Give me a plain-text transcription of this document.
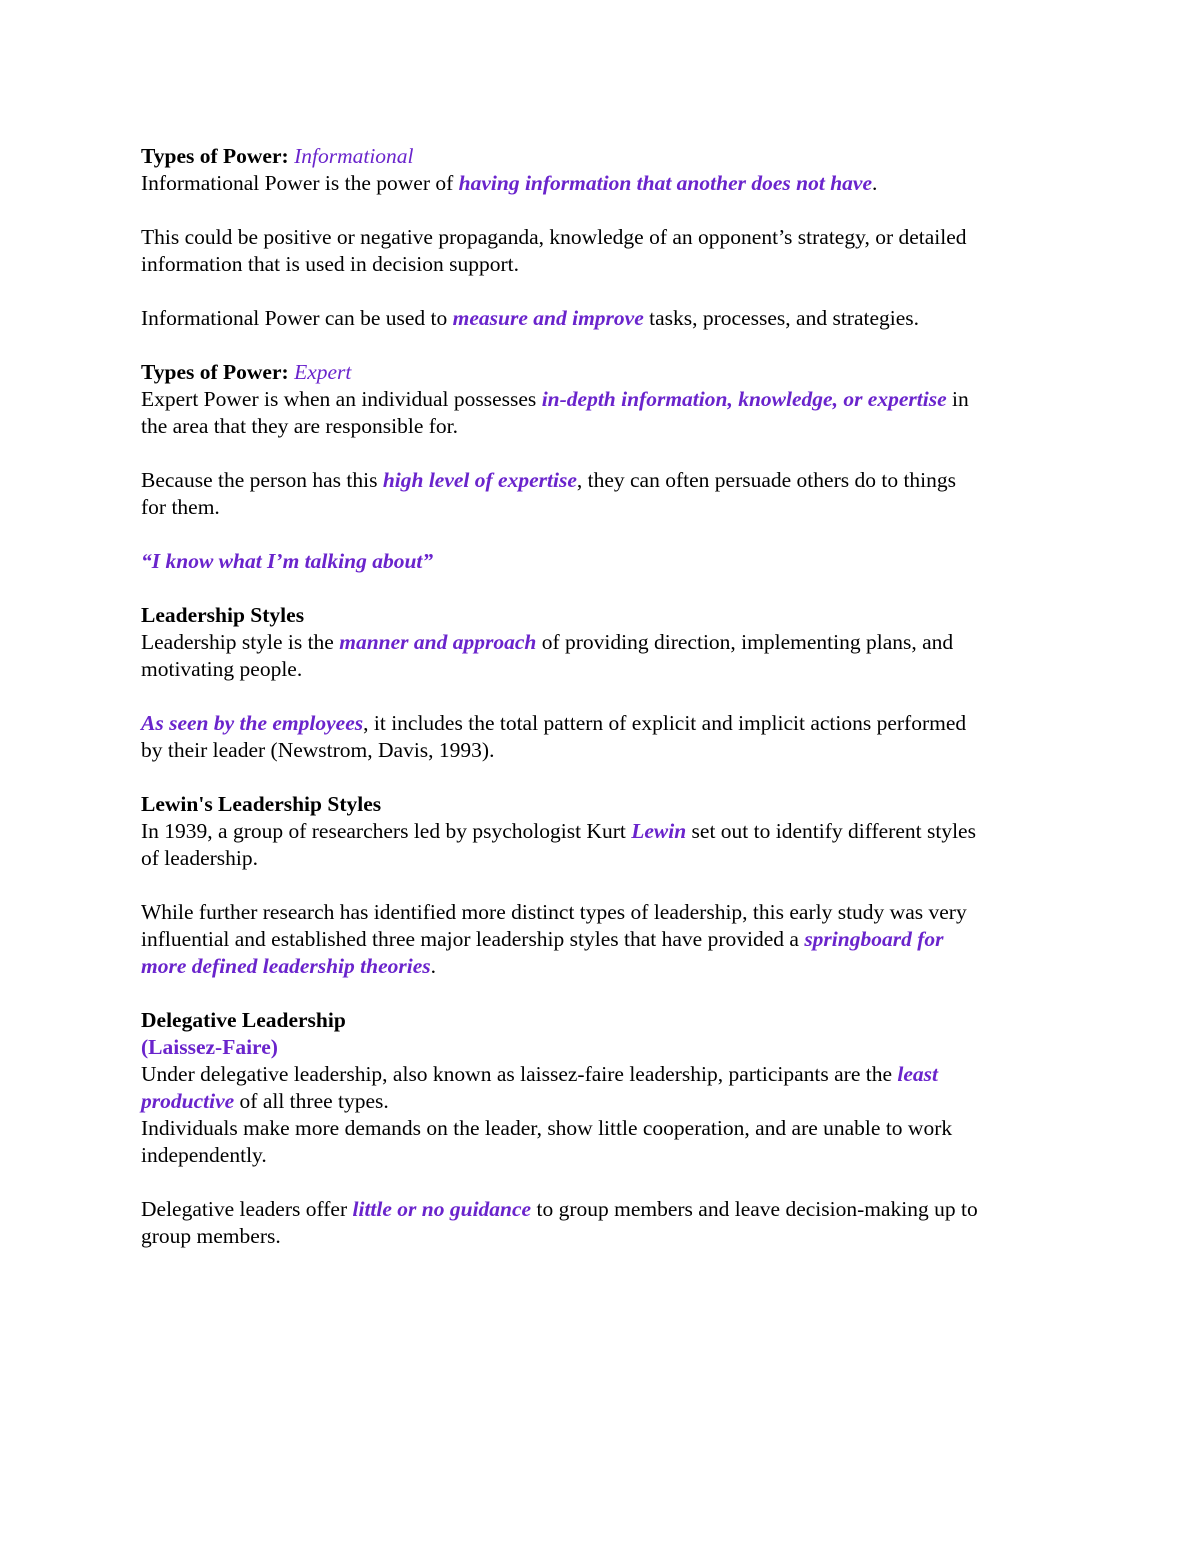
Types of Power: Informational
Informational Power is the power of having information that another does not have.
This could be positive or negative propaganda, knowledge of an opponent’s strategy, or detailed
information that is used in decision support.
Informational Power can be used to measure and improve tasks, processes, and strategies.
Types of Power: Expert
Expert Power is when an individual possesses in-depth information, knowledge, or expertise in
the area that they are responsible for.
Because the person has this high level of expertise, they can often persuade others do to things
for them.
“I know what I’m talking about”
Leadership Styles
Leadership style is the manner and approach of providing direction, implementing plans, and
motivating people.
As seen by the employees, it includes the total pattern of explicit and implicit actions performed
by their leader (Newstrom, Davis, 1993).
Lewin's Leadership Styles
In 1939, a group of researchers led by psychologist Kurt Lewin set out to identify different styles
of leadership.
While further research has identified more distinct types of leadership, this early study was very
influential and established three major leadership styles that have provided a springboard for
more defined leadership theories.
Delegative Leadership
(Laissez-Faire)
Under delegative leadership, also known as laissez-faire leadership, participants are the least
productive of all three types.
Individuals make more demands on the leader, show little cooperation, and are unable to work
independently.
Delegative leaders offer little or no guidance to group members and leave decision-making up to
group members.
